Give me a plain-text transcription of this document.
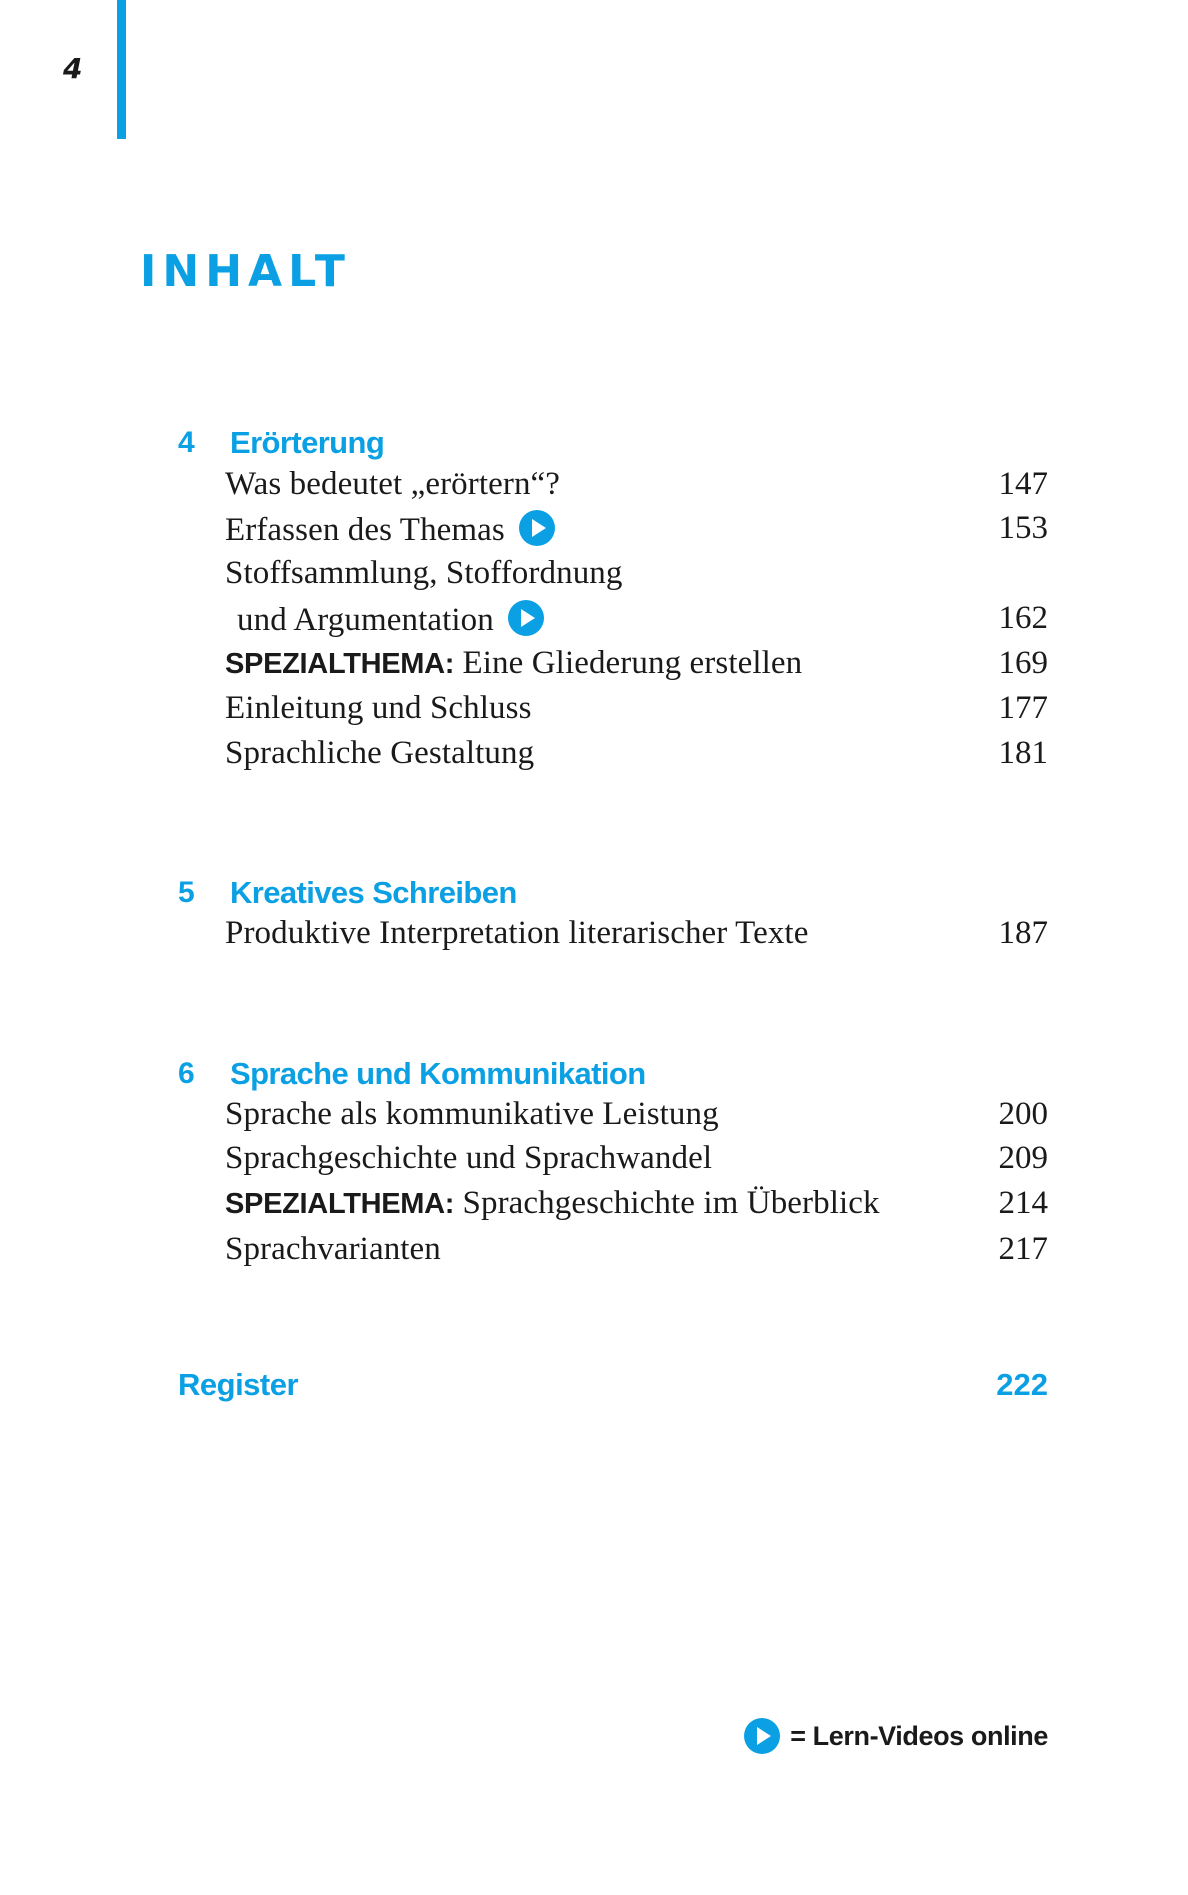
4
INHALT
4 Erörterung
Was bedeutet „erörtern“?	147
Erfassen des Themas	153
Stoffsammlung, Stoffordnung
und Argumentation	162
SPEZIALTHEMA: Eine Gliederung erstellen	169
Einleitung und Schluss	177
Sprachliche Gestaltung	181
5 Kreatives Schreiben
Produktive Interpretation literarischer Texte	187
6 Sprache und Kommunikation
Sprache als kommunikative Leistung	200
Sprachgeschichte und Sprachwandel	209
SPEZIALTHEMA: Sprachgeschichte im Überblick	214
Sprachvarianten	217
Register	222
= Lern-Videos online
